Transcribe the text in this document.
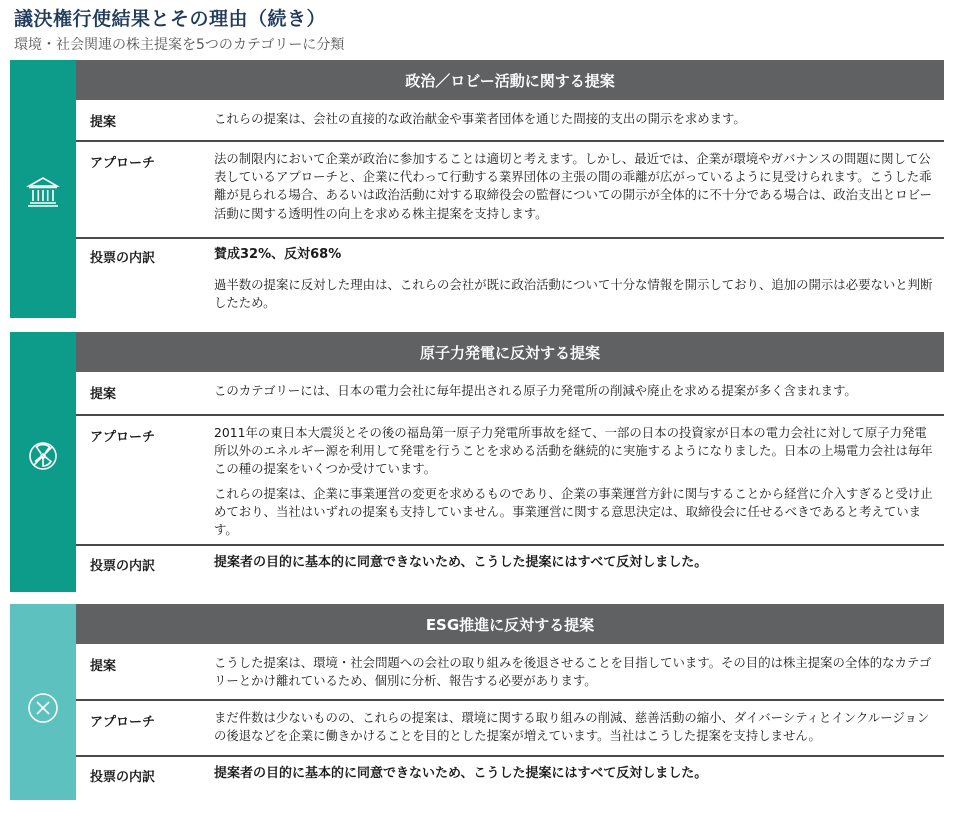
議決権行使結果とその理由（続き）
環境・社会関連の株主提案を5つのカテゴリーに分類
政治／ロビー活動に関する提案
提案	これらの提案は、会社の直接的な政治献金や事業者団体を通じた間接的支出の開示を求めます。

アプローチ	法の制限内において企業が政治に参加することは適切と考えます。しかし、最近では、企業が環境やガバナンスの問題に関して公表しているアプローチと、企業に代わって行動する業界団体の主張の間の乖離が広がっているように見受けられます。こうした乖離が見られる場合、あるいは政治活動に対する取締役会の監督についての開示が全体的に不十分である場合は、政治支出とロビー活動に関する透明性の向上を求める株主提案を支持します。

投票の内訳	賛成32%、反対68%

過半数の提案に反対した理由は、これらの会社が既に政治活動について十分な情報を開示しており、追加の開示は必要ないと判断したため。

原子力発電に反対する提案
提案	このカテゴリーには、日本の電力会社に毎年提出される原子力発電所の削減や廃止を求める提案が多く含まれます。

アプローチ	2011年の東日本大震災とその後の福島第一原子力発電所事故を経て、一部の日本の投資家が日本の電力会社に対して原子力発電所以外のエネルギー源を利用して発電を行うことを求める活動を継続的に実施するようになりました。日本の上場電力会社は毎年この種の提案をいくつか受けています。

これらの提案は、企業に事業運営の変更を求めるものであり、企業の事業運営方針に関与することから経営に介入すぎると受け止めており、当社はいずれの提案も支持していません。事業運営に関する意思決定は、取締役会に任せるべきであると考えています。

投票の内訳	提案者の目的に基本的に同意できないため、こうした提案にはすべて反対しました。

ESG推進に反対する提案
提案	こうした提案は、環境・社会問題への会社の取り組みを後退させることを目指しています。その目的は株主提案の全体的なカテゴリーとかけ離れているため、個別に分析、報告する必要があります。

アプローチ	まだ件数は少ないものの、これらの提案は、環境に関する取り組みの削減、慈善活動の縮小、ダイバーシティとインクルージョンの後退などを企業に働きかけることを目的とした提案が増えています。当社はこうした提案を支持しません。

投票の内訳	提案者の目的に基本的に同意できないため、こうした提案にはすべて反対しました。
